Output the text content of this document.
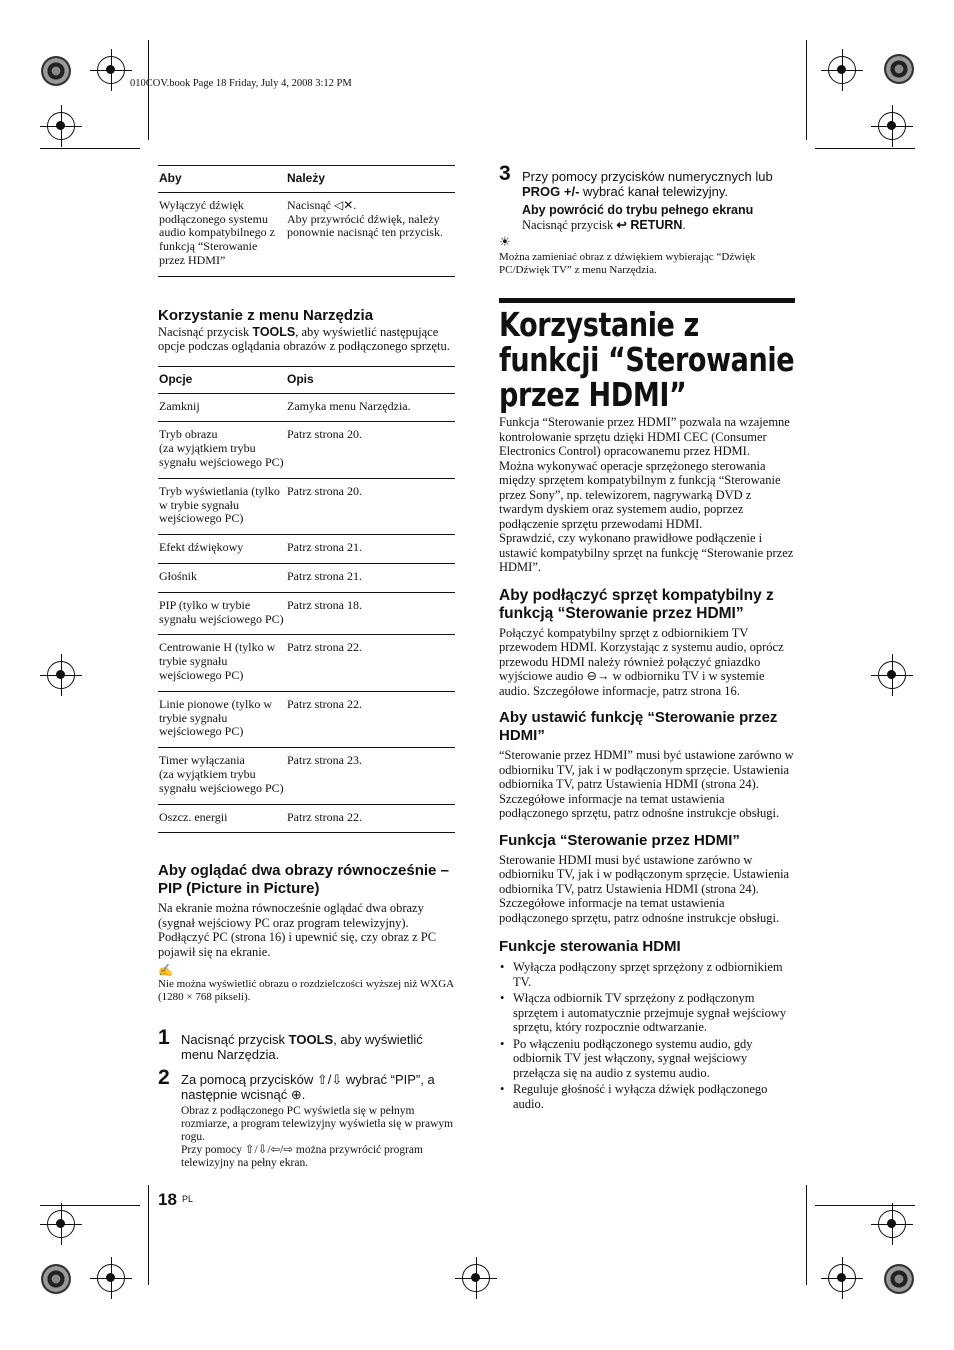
010COV.book Page 18 Friday, July 4, 2008 3:12 PM
Aby	Należy
Wyłączyć dźwięk podłączonego systemu audio kompatybilnego z funkcją “Sterowanie przez HDMI”	Nacisnąć ◁✕.
Aby przywrócić dźwięk, należy ponownie nacisnąć ten przycisk.
Korzystanie z menu Narzędzia

Nacisnąć przycisk TOOLS, aby wyświetlić następujące opcje podczas oglądania obrazów z podłączonego sprzętu.

Opcje	Opis
Zamknij	Zamyka menu Narzędzia.
Tryb obrazu
(za wyjątkiem trybu sygnału wejściowego PC)	Patrz strona 20.
Tryb wyświetlania (tylko w trybie sygnału wejściowego PC)	Patrz strona 20.
Efekt dźwiękowy	Patrz strona 21.
Głośnik	Patrz strona 21.
PIP (tylko w trybie sygnału wejściowego PC)	Patrz strona 18.
Centrowanie H (tylko w trybie sygnału wejściowego PC)	Patrz strona 22.
Linie pionowe (tylko w trybie sygnału wejściowego PC)	Patrz strona 22.
Timer wyłączania
(za wyjątkiem trybu sygnału wejściowego PC)	Patrz strona 23.
Oszcz. energii	Patrz strona 22.
Aby oglądać dwa obrazy równocześnie – PIP (Picture in Picture)

Na ekranie można równocześnie oglądać dwa obrazy (sygnał wejściowy PC oraz program telewizyjny). Podłączyć PC (strona 16) i upewnić się, czy obraz z PC pojawił się na ekranie.

✍

Nie można wyświetlić obrazu o rozdzielczości wyższej niż WXGA (1280 × 768 pikseli).

1 Nacisnąć przycisk TOOLS, aby wyświetlić menu Narzędzia.
2 Za pomocą przycisków ⇧/⇩ wybrać “PIP”, a następnie wcisnąć ⊕.

Obraz z podłączonego PC wyświetla się w pełnym rozmiarze, a program telewizyjny wyświetla się w prawym rogu.
Przy pomocy ⇧/⇩/⇦/⇨ można przywrócić program telewizyjny na pełny ekran.

18 PL
3 Przy pomocy przycisków numerycznych lub PROG +/- wybrać kanał telewizyjny.
Aby powrócić do trybu pełnego ekranu
Nacisnąć przycisk ↩ RETURN.
☀

Można zamieniać obraz z dźwiękiem wybierając “Dźwięk PC/Dźwięk TV” z menu Narzędzia.

Korzystanie z funkcji “Sterowanie przez HDMI”

Funkcja “Sterowanie przez HDMI” pozwala na wzajemne kontrolowanie sprzętu dzięki HDMI CEC (Consumer Electronics Control) opracowanemu przez HDMI.

Można wykonywać operacje sprzężonego sterowania między sprzętem kompatybilnym z funkcją “Sterowanie przez Sony”, np. telewizorem, nagrywarką DVD z twardym dyskiem oraz systemem audio, poprzez podłączenie sprzętu przewodami HDMI.

Sprawdzić, czy wykonano prawidłowe podłączenie i ustawić kompatybilny sprzęt na funkcję “Sterowanie przez HDMI”.

Aby podłączyć sprzęt kompatybilny z funkcją “Sterowanie przez HDMI”

Połączyć kompatybilny sprzęt z odbiornikiem TV przewodem HDMI. Korzystając z systemu audio, oprócz przewodu HDMI należy również połączyć gniazdko wyjściowe audio ⊖→ w odbiorniku TV i w systemie audio. Szczegółowe informacje, patrz strona 16.

Aby ustawić funkcję “Sterowanie przez HDMI”

“Sterowanie przez HDMI” musi być ustawione zarówno w odbiorniku TV, jak i w podłączonym sprzęcie. Ustawienia odbiornika TV, patrz Ustawienia HDMI (strona 24). Szczegółowe informacje na temat ustawienia podłączonego sprzętu, patrz odnośne instrukcje obsługi.

Funkcja “Sterowanie przez HDMI”

Sterowanie HDMI musi być ustawione zarówno w odbiorniku TV, jak i w podłączonym sprzęcie. Ustawienia odbiornika TV, patrz Ustawienia HDMI (strona 24). Szczegółowe informacje na temat ustawienia podłączonego sprzętu, patrz odnośne instrukcje obsługi.

Funkcje sterowania HDMI
• Wyłącza podłączony sprzęt sprzężony z odbiornikiem TV.
• Włącza odbiornik TV sprzężony z podłączonym sprzętem i automatycznie przejmuje sygnał wejściowy sprzętu, który rozpocznie odtwarzanie.
• Po włączeniu podłączonego systemu audio, gdy odbiornik TV jest włączony, sygnał wejściowy przełącza się na audio z systemu audio.
• Reguluje głośność i wyłącza dźwięk podłączonego audio.
